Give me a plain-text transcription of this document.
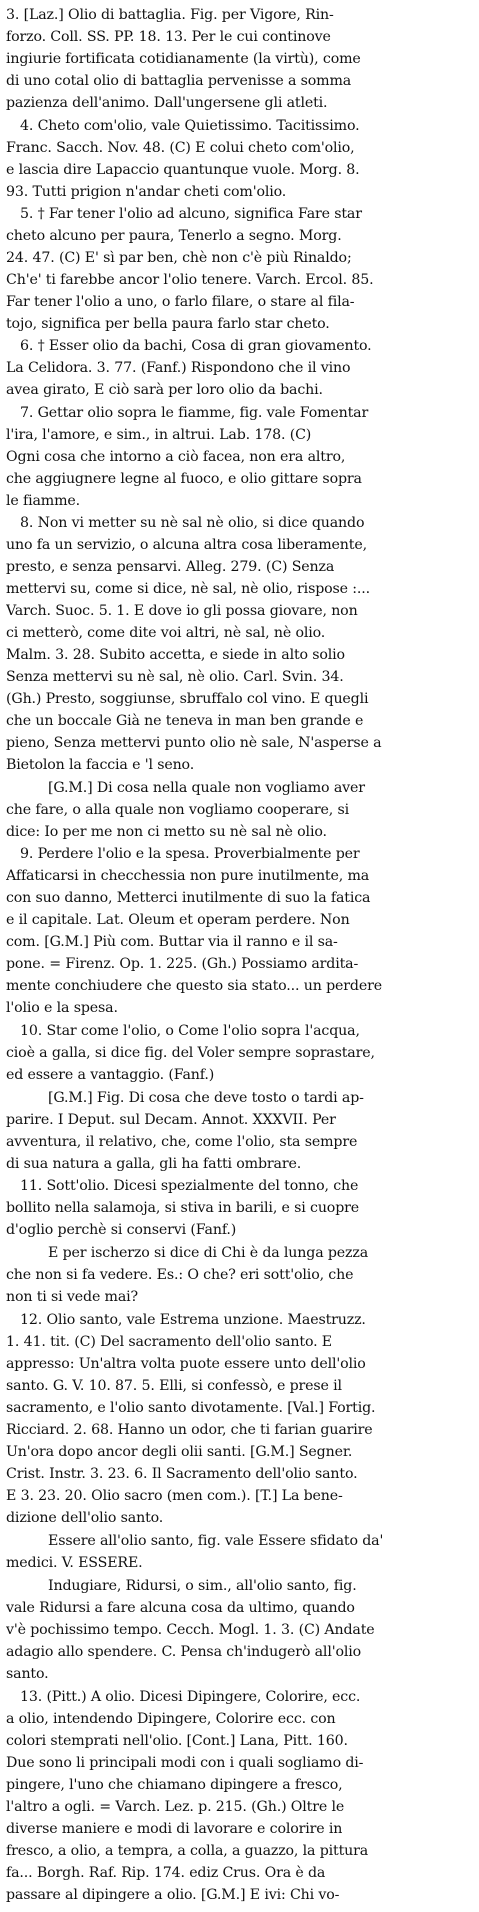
3. [Laz.] Olio di battaglia. Fig. per Vigore, Rin-
forzo. Coll. SS. PP. 18. 13. Per le cui continove
ingiurie fortificata cotidianamente (la virtù), come
di uno cotal olio di battaglia pervenisse a somma
pazienza dell'animo. Dall'ungersene gli atleti.
4. Cheto com'olio, vale Quietissimo. Tacitissimo.
Franc. Sacch. Nov. 48. (C) E colui cheto com'olio,
e lascia dire Lapaccio quantunque vuole. Morg. 8.
93. Tutti prigion n'andar cheti com'olio.
5. † Far tener l'olio ad alcuno, significa Fare star
cheto alcuno per paura, Tenerlo a segno. Morg.
24. 47. (C) E' sì par ben, chè non c'è più Rinaldo;
Ch'e' ti farebbe ancor l'olio tenere. Varch. Ercol. 85.
Far tener l'olio a uno, o farlo filare, o stare al fila-
tojo, significa per bella paura farlo star cheto.
6. † Esser olio da bachi, Cosa di gran giovamento.
La Celidora. 3. 77. (Fanf.) Rispondono che il vino
avea girato, E ciò sarà per loro olio da bachi.
7. Gettar olio sopra le fiamme, fig. vale Fomentar
l'ira, l'amore, e sim., in altrui. Lab. 178. (C)
Ogni cosa che intorno a ciò facea, non era altro,
che aggiugnere legne al fuoco, e olio gittare sopra
le fiamme.
8. Non vi metter su nè sal nè olio, si dice quando
uno fa un servizio, o alcuna altra cosa liberamente,
presto, e senza pensarvi. Alleg. 279. (C) Senza
mettervi su, come si dice, nè sal, nè olio, rispose :...
Varch. Suoc. 5. 1. E dove io gli possa giovare, non
ci metterò, come dite voi altri, nè sal, nè olio.
Malm. 3. 28. Subito accetta, e siede in alto solio
Senza mettervi su nè sal, nè olio. Carl. Svin. 34.
(Gh.) Presto, soggiunse, sbruffalo col vino. E quegli
che un boccale Già ne teneva in man ben grande e
pieno, Senza mettervi punto olio nè sale, N'asperse a
Bietolon la faccia e 'l seno.
[G.M.] Di cosa nella quale non vogliamo aver
che fare, o alla quale non vogliamo cooperare, si
dice: Io per me non ci metto su nè sal nè olio.
9. Perdere l'olio e la spesa. Proverbialmente per
Affaticarsi in checchessia non pure inutilmente, ma
con suo danno, Metterci inutilmente di suo la fatica
e il capitale. Lat. Oleum et operam perdere. Non
com. [G.M.] Più com. Buttar via il ranno e il sa-
pone. = Firenz. Op. 1. 225. (Gh.) Possiamo ardita-
mente conchiudere che questo sia stato... un perdere
l'olio e la spesa.
10. Star come l'olio, o Come l'olio sopra l'acqua,
cioè a galla, si dice fig. del Voler sempre soprastare,
ed essere a vantaggio. (Fanf.)
[G.M.] Fig. Di cosa che deve tosto o tardi ap-
parire. I Deput. sul Decam. Annot. XXXVII. Per
avventura, il relativo, che, come l'olio, sta sempre
di sua natura a galla, gli ha fatti ombrare.
11. Sott'olio. Dicesi spezialmente del tonno, che
bollito nella salamoja, si stiva in barili, e si cuopre
d'oglio perchè si conservi (Fanf.)
E per ischerzo si dice di Chi è da lunga pezza
che non si fa vedere. Es.: O che? eri sott'olio, che
non ti si vede mai?
12. Olio santo, vale Estrema unzione. Maestruzz.
1. 41. tit. (C) Del sacramento dell'olio santo. E
appresso: Un'altra volta puote essere unto dell'olio
santo. G. V. 10. 87. 5. Elli, si confessò, e prese il
sacramento, e l'olio santo divotamente. [Val.] Fortig.
Ricciard. 2. 68. Hanno un odor, che ti farian guarire
Un'ora dopo ancor degli olii santi. [G.M.] Segner.
Crist. Instr. 3. 23. 6. Il Sacramento dell'olio santo.
E 3. 23. 20. Olio sacro (men com.). [T.] La bene-
dizione dell'olio santo.
Essere all'olio santo, fig. vale Essere sfidato da'
medici. V. ESSERE.
Indugiare, Ridursi, o sim., all'olio santo, fig.
vale Ridursi a fare alcuna cosa da ultimo, quando
v'è pochissimo tempo. Cecch. Mogl. 1. 3. (C) Andate
adagio allo spendere. C. Pensa ch'indugerò all'olio
santo.
13. (Pitt.) A olio. Dicesi Dipingere, Colorire, ecc.
a olio, intendendo Dipingere, Colorire ecc. con
colori stemprati nell'olio. [Cont.] Lana, Pitt. 160.
Due sono li principali modi con i quali sogliamo di-
pingere, l'uno che chiamano dipingere a fresco,
l'altro a ogli. = Varch. Lez. p. 215. (Gh.) Oltre le
diverse maniere e modi di lavorare e colorire in
fresco, a olio, a tempra, a colla, a guazzo, la pittura
fa... Borgh. Raf. Rip. 174. ediz Crus. Ora è da
passare al dipingere a olio. [G.M.] E ivi: Chi vo-
